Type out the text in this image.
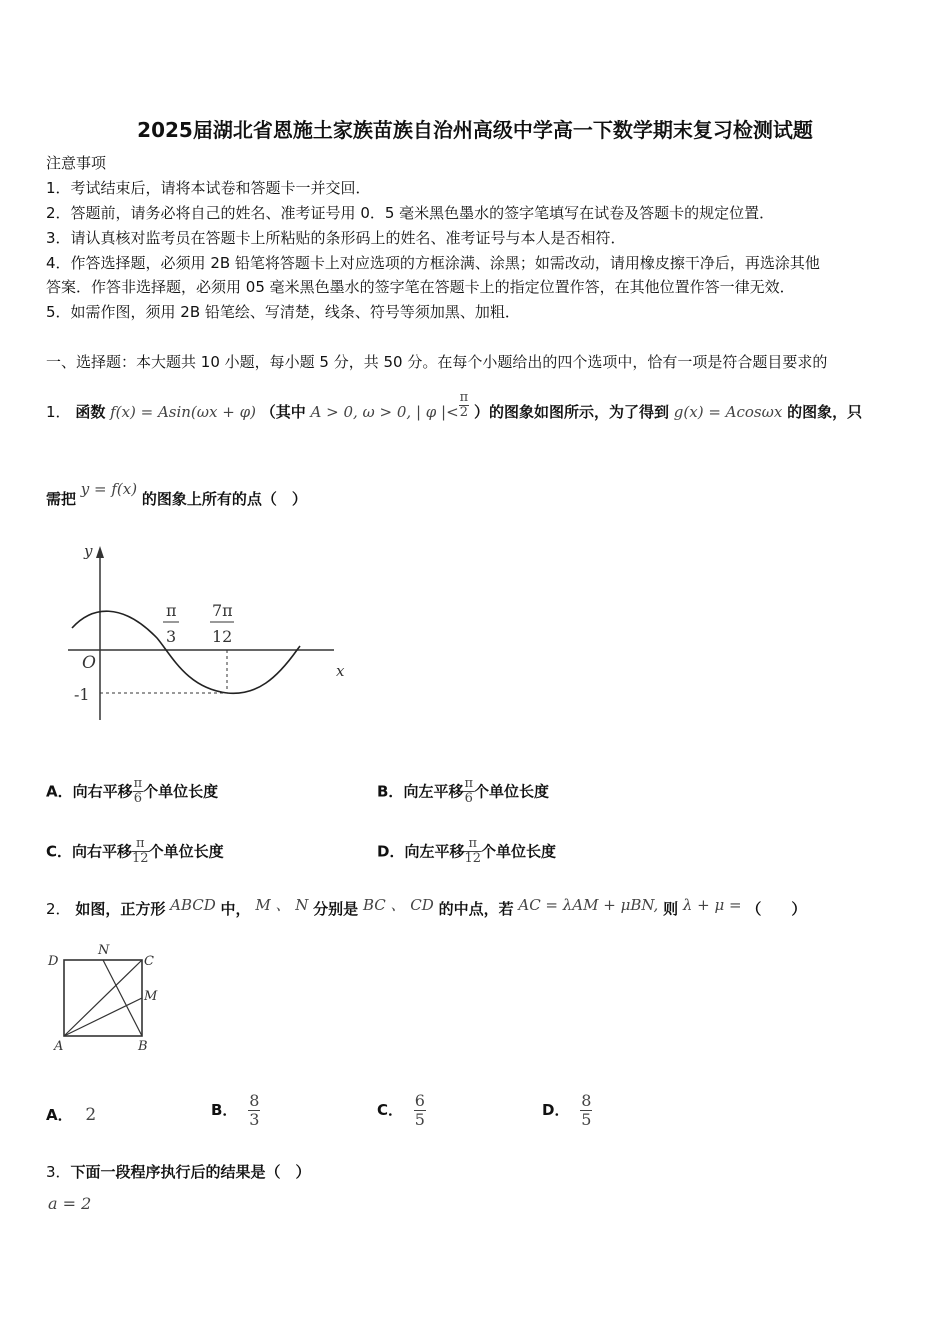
2025届湖北省恩施土家族苗族自治州高级中学高一下数学期末复习检测试题
注意事项
1．考试结束后，请将本试卷和答题卡一并交回．
2．答题前，请务必将自己的姓名、准考证号用 0．5 毫米黑色墨水的签字笔填写在试卷及答题卡的规定位置．
3．请认真核对监考员在答题卡上所粘贴的条形码上的姓名、准考证号与本人是否相符．
4．作答选择题，必须用 2B 铅笔将答题卡上对应选项的方框涂满、涂黑；如需改动，请用橡皮擦干净后，再选涂其他
答案．作答非选择题，必须用 05 毫米黑色墨水的签字笔在答题卡上的指定位置作答，在其他位置作答一律无效．
5．如需作图，须用 2B 铅笔绘、写清楚，线条、符号等须加黑、加粗．
一、选择题：本大题共 10 小题，每小题 5 分，共 50 分。在每个小题给出的四个选项中，恰有一项是符合题目要求的
1． 函数 f(x) = Asin(ωx + φ) （其中 A > 0, ω > 0, | φ |< $\frac{\pi}{2}$ ）的图象如图所示，为了得到 g(x) = Acosωx 的图象，只
需把 y = f(x) 的图象上所有的点（　）
y
x
O
-1
π
3
7π
12
A．向右平移 $\frac{\pi}{6}$ 个单位长度	B．向左平移 $\frac{\pi}{6}$ 个单位长度
C．向右平移 $\frac{\pi}{12}$ 个单位长度	D．向左平移 $\frac{\pi}{12}$ 个单位长度
2． 如图，正方形 ABCD 中， M 、 N 分别是 BC 、 CD 的中点，若 AC = λAM + μBN, 则 λ + μ = （　　）
D
N
C
M
A	B
A． 2	B． $\frac{8}{3}$	C． $\frac{6}{5}$	D． $\frac{8}{5}$
3．下面一段程序执行后的结果是（　）
a = 2
